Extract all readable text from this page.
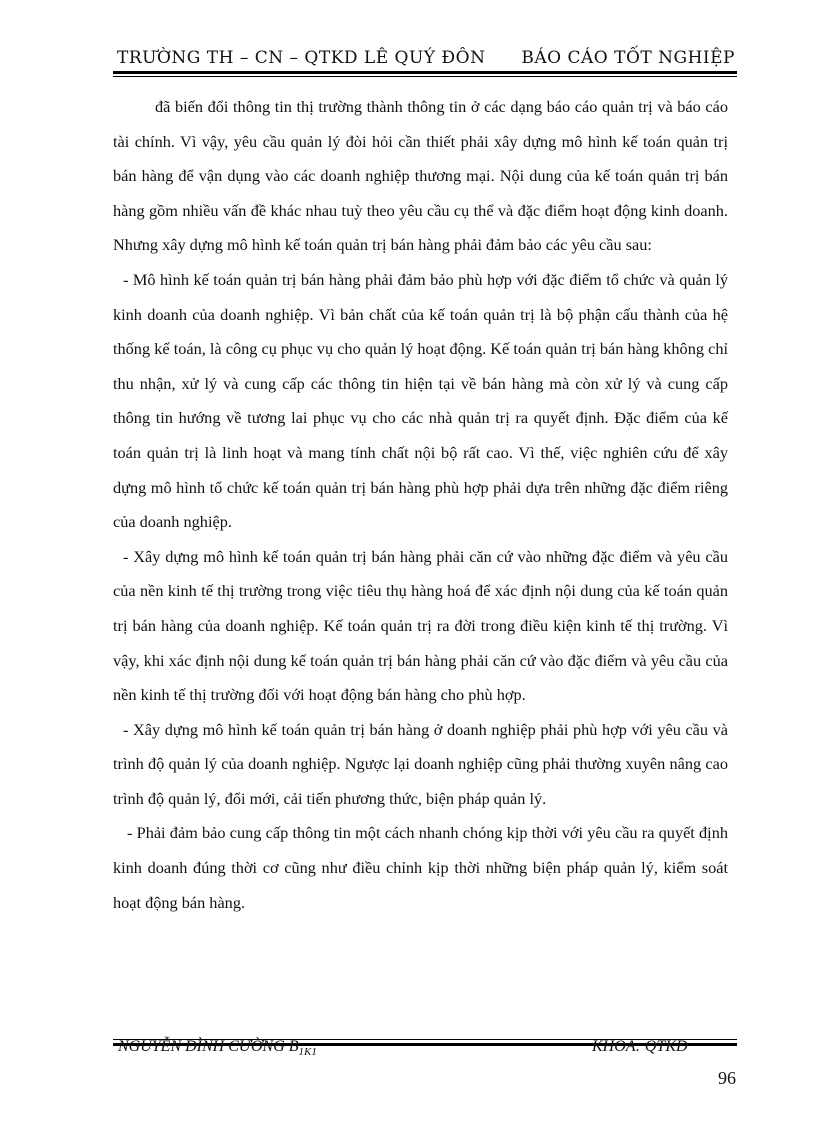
TRƯỜNG TH – CN – QTKD LÊ QUÝ ĐÔN BÁO CÁO TỐT NGHIỆP

đã biến đổi thông tin thị trường thành thông tin ở các dạng báo cáo quản trị và báo cáo tài chính. Vì vậy, yêu cầu quản lý đòi hỏi cần thiết phải xây dựng mô hình kế toán quản trị bán hàng để vận dụng vào các doanh nghiệp thương mại. Nội dung của kế toán quản trị bán hàng gồm nhiều vấn đề khác nhau tuỳ theo yêu cầu cụ thể và đặc điểm hoạt động kinh doanh. Nhưng xây dựng mô hình kế toán quản trị bán hàng phải đảm bảo các yêu cầu sau:

- Mô hình kế toán quản trị bán hàng phải đảm bảo phù hợp với đặc điểm tổ chức và quản lý kinh doanh của doanh nghiệp. Vì bản chất của kế toán quản trị là bộ phận cấu thành của hệ thống kế toán, là công cụ phục vụ cho quản lý hoạt động. Kế toán quản trị bán hàng không chỉ thu nhận, xử lý và cung cấp các thông tin hiện tại về bán hàng mà còn xử lý và cung cấp thông tin hướng về tương lai phục vụ cho các nhà quản trị ra quyết định. Đặc điểm của kế toán quản trị là linh hoạt và mang tính chất nội bộ rất cao. Vì thế, việc nghiên cứu để xây dựng mô hình tổ chức kế toán quản trị bán hàng phù hợp phải dựa trên những đặc điểm riêng của doanh nghiệp.

- Xây dựng mô hình kế toán quản trị bán hàng phải căn cứ vào những đặc điểm và yêu cầu của nền kinh tế thị trường trong việc tiêu thụ hàng hoá để xác định nội dung của kế toán quản trị bán hàng của doanh nghiệp. Kế toán quản trị ra đời trong điều kiện kinh tế thị trường. Vì vậy, khi xác định nội dung kế toán quản trị bán hàng phải căn cứ vào đặc điểm và yêu cầu của nền kinh tế thị trường đối với hoạt động bán hàng cho phù hợp.

- Xây dựng mô hình kế toán quản trị bán hàng ở doanh nghiệp phải phù hợp với yêu cầu và trình độ quản lý của doanh nghiệp. Ngược lại doanh nghiệp cũng phải thường xuyên nâng cao trình độ quản lý, đổi mới, cải tiến phương thức, biện pháp quản lý.

- Phải đảm bảo cung cấp thông tin một cách nhanh chóng kịp thời với yêu cầu ra quyết định kinh doanh đúng thời cơ cũng như điều chỉnh kịp thời những biện pháp quản lý, kiểm soát hoạt động bán hàng.

NGUYỄN ĐÌNH CƯỜNG $B_{1K1}$	KHOA: QTKD
96
